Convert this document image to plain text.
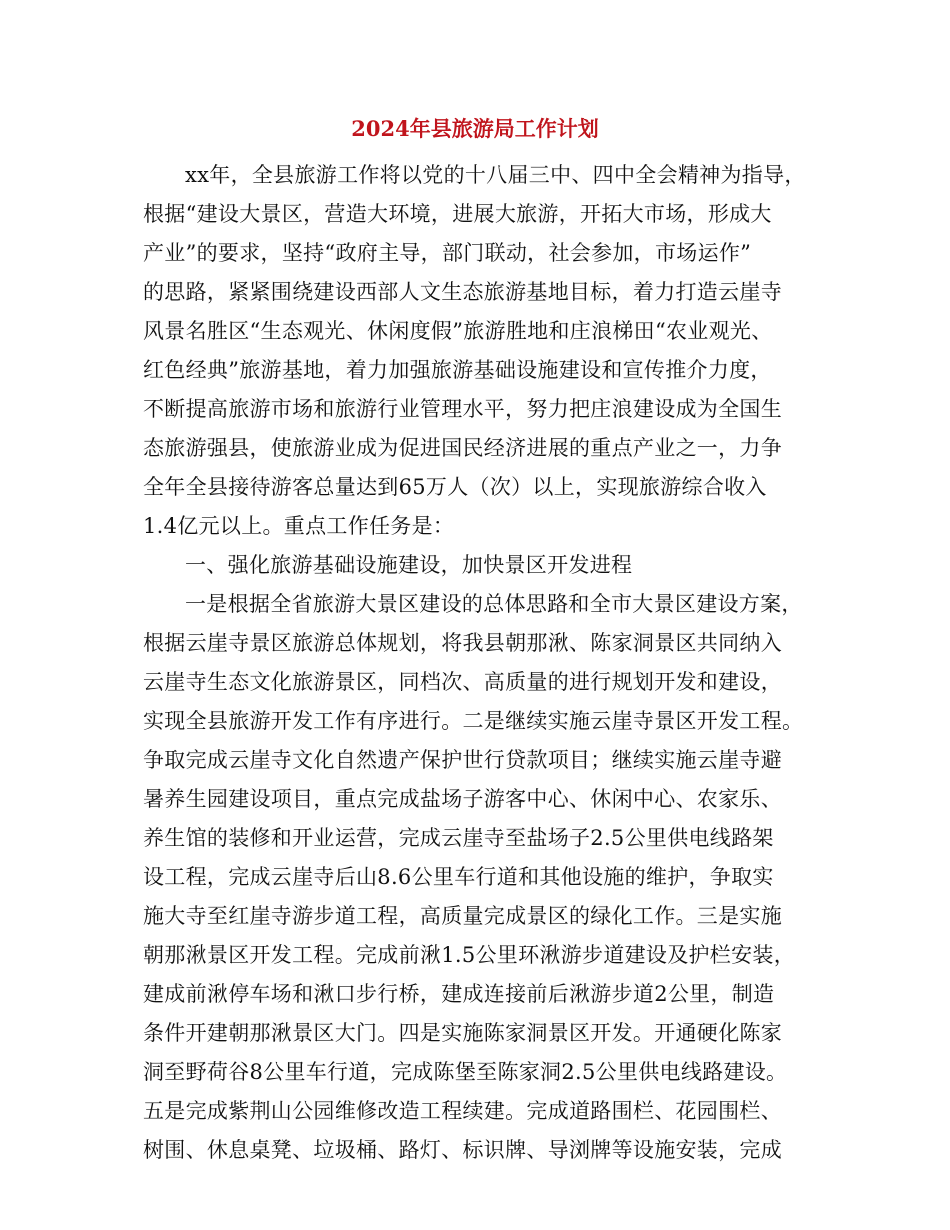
2024年县旅游局工作计划
xx年，全县旅游工作将以党的十八届三中、四中全会精神为指导，
根据“建设大景区，营造大环境，进展大旅游，开拓大市场，形成大
产业”的要求，坚持“政府主导，部门联动，社会参加，市场运作”
的思路，紧紧围绕建设西部人文生态旅游基地目标，着力打造云崖寺
风景名胜区“生态观光、休闲度假”旅游胜地和庄浪梯田“农业观光、
红色经典”旅游基地，着力加强旅游基础设施建设和宣传推介力度，
不断提高旅游市场和旅游行业管理水平，努力把庄浪建设成为全国生
态旅游强县，使旅游业成为促进国民经济进展的重点产业之一，力争
全年全县接待游客总量达到65万人（次）以上，实现旅游综合收入
1.4亿元以上。重点工作任务是：
一、强化旅游基础设施建设，加快景区开发进程
一是根据全省旅游大景区建设的总体思路和全市大景区建设方案，
根据云崖寺景区旅游总体规划，将我县朝那湫、陈家洞景区共同纳入
云崖寺生态文化旅游景区，同档次、高质量的进行规划开发和建设，
实现全县旅游开发工作有序进行。二是继续实施云崖寺景区开发工程。
争取完成云崖寺文化自然遗产保护世行贷款项目；继续实施云崖寺避
暑养生园建设项目，重点完成盐场子游客中心、休闲中心、农家乐、
养生馆的装修和开业运营，完成云崖寺至盐场子2.5公里供电线路架
设工程，完成云崖寺后山8.6公里车行道和其他设施的维护，争取实
施大寺至红崖寺游步道工程，高质量完成景区的绿化工作。三是实施
朝那湫景区开发工程。完成前湫1.5公里环湫游步道建设及护栏安装，
建成前湫停车场和湫口步行桥，建成连接前后湫游步道2公里，制造
条件开建朝那湫景区大门。四是实施陈家洞景区开发。开通硬化陈家
洞至野荷谷8公里车行道，完成陈堡至陈家洞2.5公里供电线路建设。
五是完成紫荆山公园维修改造工程续建。完成道路围栏、花园围栏、
树围、休息桌凳、垃圾桶、路灯、标识牌、导浏牌等设施安装，完成
